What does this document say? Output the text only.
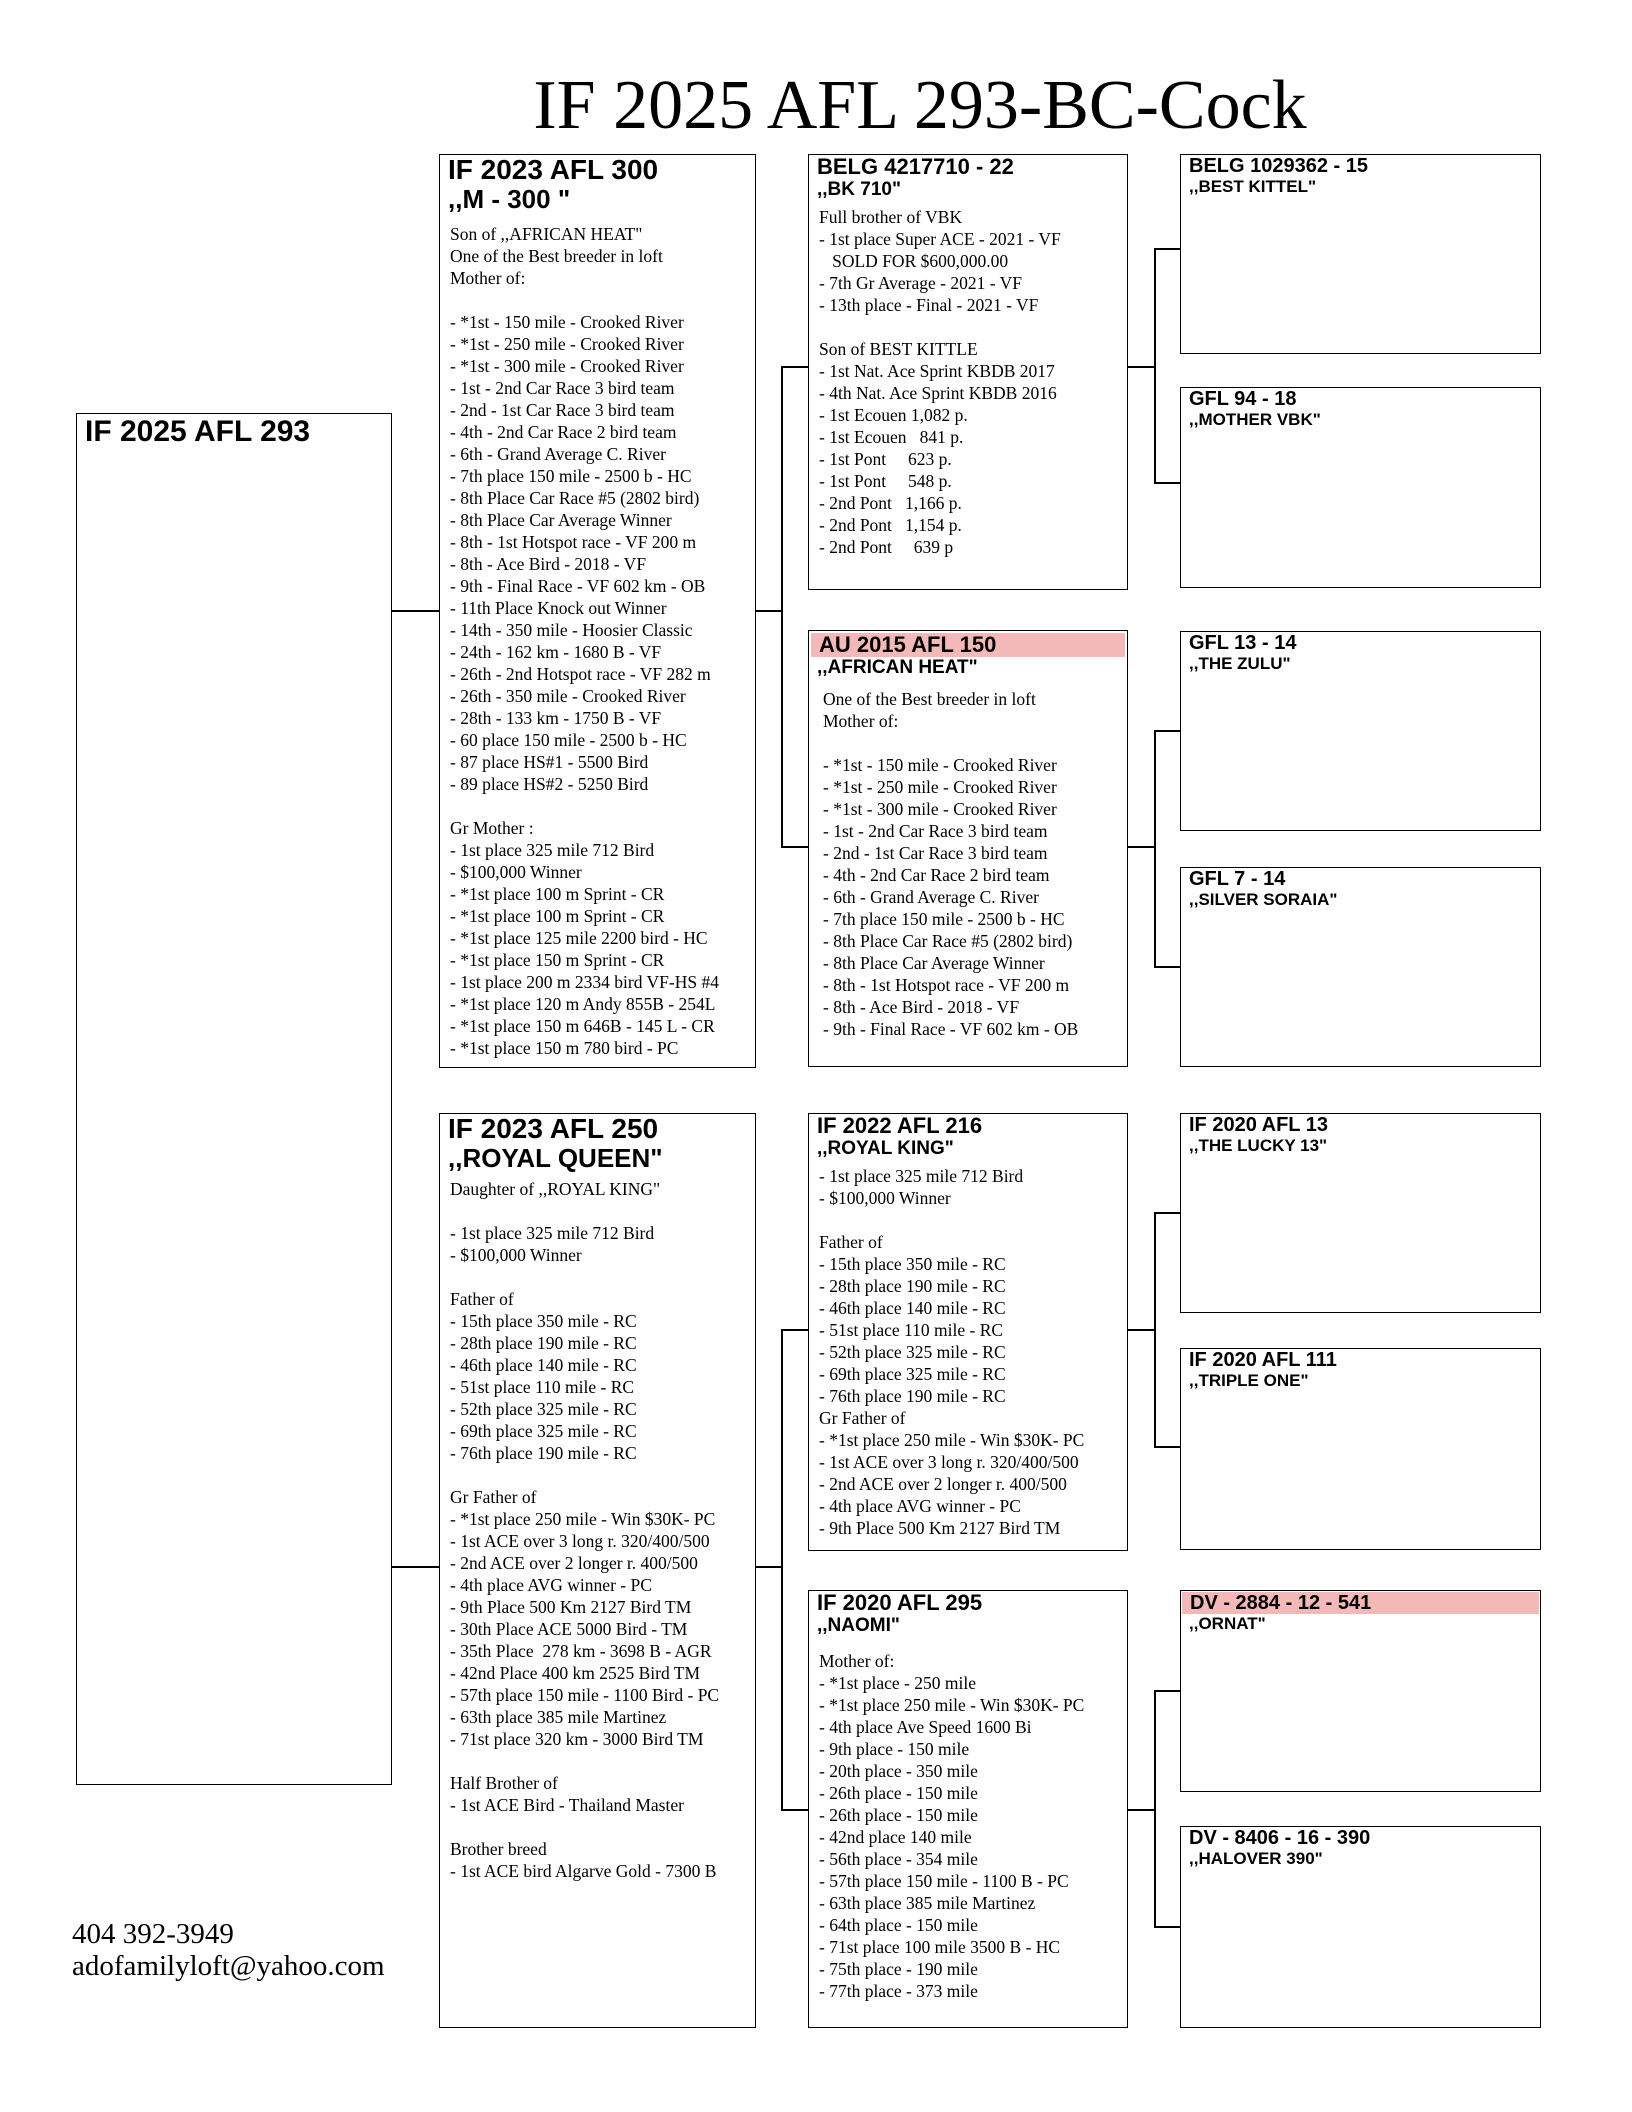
IF 2025 AFL 293-BC-Cock
IF 2025 AFL 293
IF 2023 AFL 300
,,M - 300 "
Son of ,,AFRICAN HEAT"
One of the Best breeder in loft
Mother of:

- *1st - 150 mile - Crooked River
- *1st - 250 mile - Crooked River
- *1st - 300 mile - Crooked River
- 1st - 2nd Car Race 3 bird team
- 2nd - 1st Car Race 3 bird team
- 4th - 2nd Car Race 2 bird team
- 6th - Grand Average C. River
- 7th place 150 mile - 2500 b - HC
- 8th Place Car Race #5 (2802 bird)
- 8th Place Car Average Winner
- 8th - 1st Hotspot race - VF 200 m
- 8th - Ace Bird - 2018 - VF
- 9th - Final Race - VF 602 km - OB
- 11th Place Knock out Winner
- 14th - 350 mile - Hoosier Classic
- 24th - 162 km - 1680 B - VF
- 26th - 2nd Hotspot race - VF 282 m
- 26th - 350 mile - Crooked River
- 28th - 133 km - 1750 B - VF
- 60 place 150 mile - 2500 b - HC
- 87 place HS#1 - 5500 Bird
- 89 place HS#2 - 5250 Bird

Gr Mother :
- 1st place 325 mile 712 Bird
- $100,000 Winner
- *1st place 100 m Sprint - CR
- *1st place 100 m Sprint - CR
- *1st place 125 mile 2200 bird - HC
- *1st place 150 m Sprint - CR
- 1st place 200 m 2334 bird VF-HS #4
- *1st place 120 m Andy 855B - 254L
- *1st place 150 m 646B - 145 L - CR
- *1st place 150 m 780 bird - PC
IF 2023 AFL 250
,,ROYAL QUEEN"
Daughter of ,,ROYAL KING"

- 1st place 325 mile 712 Bird
- $100,000 Winner

Father of
- 15th place 350 mile - RC
- 28th place 190 mile - RC
- 46th place 140 mile - RC
- 51st place 110 mile - RC
- 52th place 325 mile - RC
- 69th place 325 mile - RC
- 76th place 190 mile - RC

Gr Father of
- *1st place 250 mile - Win $30K- PC
- 1st ACE over 3 long r. 320/400/500
- 2nd ACE over 2 longer r. 400/500
- 4th place AVG winner - PC
- 9th Place 500 Km 2127 Bird TM
- 30th Place ACE 5000 Bird - TM
- 35th Place  278 km - 3698 B - AGR
- 42nd Place 400 km 2525 Bird TM
- 57th place 150 mile - 1100 Bird - PC
- 63th place 385 mile Martinez
- 71st place 320 km - 3000 Bird TM

Half Brother of
- 1st ACE Bird - Thailand Master

Brother breed
- 1st ACE bird Algarve Gold - 7300 B
BELG 4217710 - 22
,,BK 710"
Full brother of VBK
- 1st place Super ACE - 2021 - VF
SOLD FOR $600,000.00
- 7th Gr Average - 2021 - VF
- 13th place - Final - 2021 - VF

Son of BEST KITTLE
- 1st Nat. Ace Sprint KBDB 2017
- 4th Nat. Ace Sprint KBDB 2016
- 1st Ecouen 1,082 p.
- 1st Ecouen   841 p.
- 1st Pont     623 p.
- 1st Pont     548 p.
- 2nd Pont   1,166 p.
- 2nd Pont   1,154 p.
- 2nd Pont     639 p
AU 2015 AFL 150
,,AFRICAN HEAT"
One of the Best breeder in loft
Mother of:

- *1st - 150 mile - Crooked River
- *1st - 250 mile - Crooked River
- *1st - 300 mile - Crooked River
- 1st - 2nd Car Race 3 bird team
- 2nd - 1st Car Race 3 bird team
- 4th - 2nd Car Race 2 bird team
- 6th - Grand Average C. River
- 7th place 150 mile - 2500 b - HC
- 8th Place Car Race #5 (2802 bird)
- 8th Place Car Average Winner
- 8th - 1st Hotspot race - VF 200 m
- 8th - Ace Bird - 2018 - VF
- 9th - Final Race - VF 602 km - OB
IF 2022 AFL 216
,,ROYAL KING"
- 1st place 325 mile 712 Bird
- $100,000 Winner

Father of
- 15th place 350 mile - RC
- 28th place 190 mile - RC
- 46th place 140 mile - RC
- 51st place 110 mile - RC
- 52th place 325 mile - RC
- 69th place 325 mile - RC
- 76th place 190 mile - RC
Gr Father of
- *1st place 250 mile - Win $30K- PC
- 1st ACE over 3 long r. 320/400/500
- 2nd ACE over 2 longer r. 400/500
- 4th place AVG winner - PC
- 9th Place 500 Km 2127 Bird TM
IF 2020 AFL 295
,,NAOMI"
Mother of:
- *1st place - 250 mile
- *1st place 250 mile - Win $30K- PC
- 4th place Ave Speed 1600 Bi
- 9th place - 150 mile
- 20th place - 350 mile
- 26th place - 150 mile
- 26th place - 150 mile
- 42nd place 140 mile
- 56th place - 354 mile
- 57th place 150 mile - 1100 B - PC
- 63th place 385 mile Martinez
- 64th place - 150 mile
- 71st place 100 mile 3500 B - HC
- 75th place - 190 mile
- 77th place - 373 mile
BELG 1029362 - 15
,,BEST KITTEL"
GFL 94 - 18
,,MOTHER VBK"
GFL 13 - 14
,,THE ZULU"
GFL 7 - 14
,,SILVER SORAIA"
IF 2020 AFL 13
,,THE LUCKY 13"
IF 2020 AFL 111
,,TRIPLE ONE"
DV - 2884 - 12 - 541
,,ORNAT"
DV - 8406 - 16 - 390
,,HALOVER 390"
404 392-3949
adofamilyloft@yahoo.com
